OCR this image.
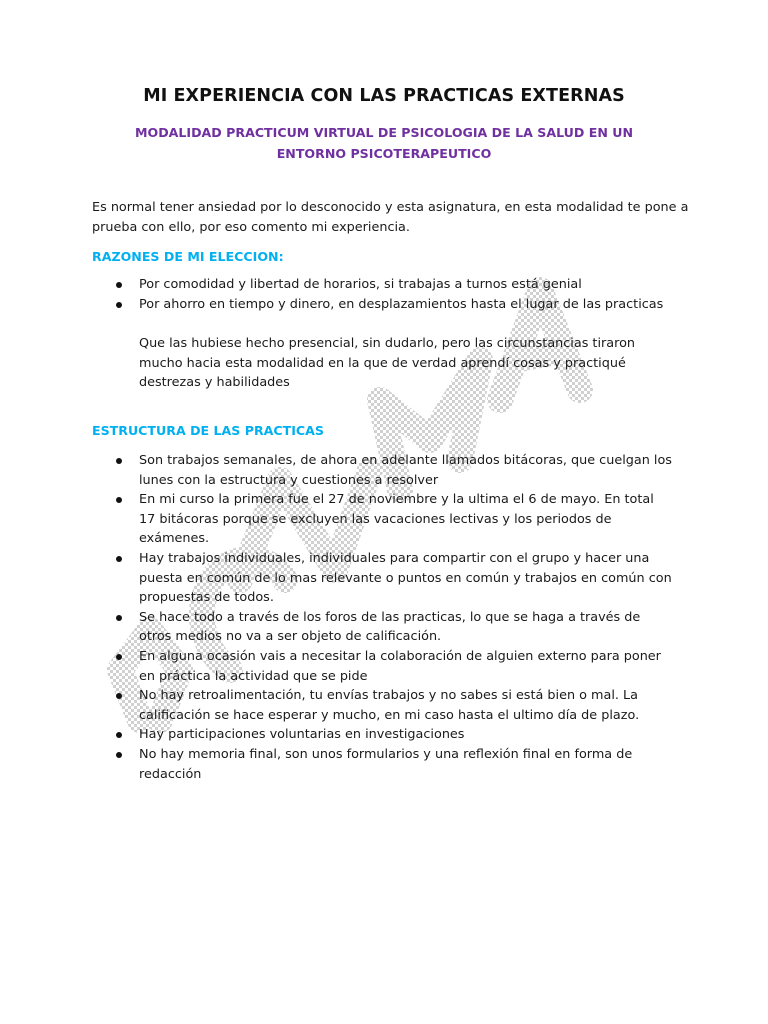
MI EXPERIENCIA CON LAS PRACTICAS EXTERNAS
MODALIDAD PRACTICUM VIRTUAL DE PSICOLOGIA DE LA SALUD EN UN ENTORNO PSICOTERAPEUTICO
Es normal tener ansiedad por lo desconocido y esta asignatura, en esta modalidad te pone a prueba con ello, por eso comento mi experiencia.
RAZONES DE MI ELECCION:
Por comodidad y libertad de horarios, si trabajas a turnos está genial
Por ahorro en tiempo y dinero, en desplazamientos hasta el lugar de las practicas
Que las hubiese hecho presencial, sin dudarlo, pero las circunstancias tiraron mucho hacia esta modalidad en la que de verdad aprendí cosas y practiqué destrezas y habilidades
ESTRUCTURA DE LAS PRACTICAS
Son trabajos semanales, de ahora en adelante llamados bitácoras, que cuelgan los lunes con la estructura y cuestiones a resolver
En mi curso la primera fue el 27 de noviembre y la ultima el 6 de mayo. En total 17 bitácoras porque se excluyen las vacaciones lectivas y los periodos de exámenes.
Hay trabajos individuales, individuales para compartir con el grupo y hacer una puesta en común de lo mas relevante o puntos en común y trabajos en común con propuestas de todos.
Se hace todo a través de los foros de las practicas, lo que se haga a través de otros medios no va a ser objeto de calificación.
En alguna ocasión vais a necesitar la colaboración de alguien externo para poner en práctica la actividad que se pide
No hay retroalimentación, tu envías trabajos y no sabes si está bien o mal. La calificación se hace esperar y mucho, en mi caso hasta el ultimo día de plazo.
Hay participaciones voluntarias en investigaciones
No hay memoria final, son unos formularios y una reflexión final en forma de redacción
